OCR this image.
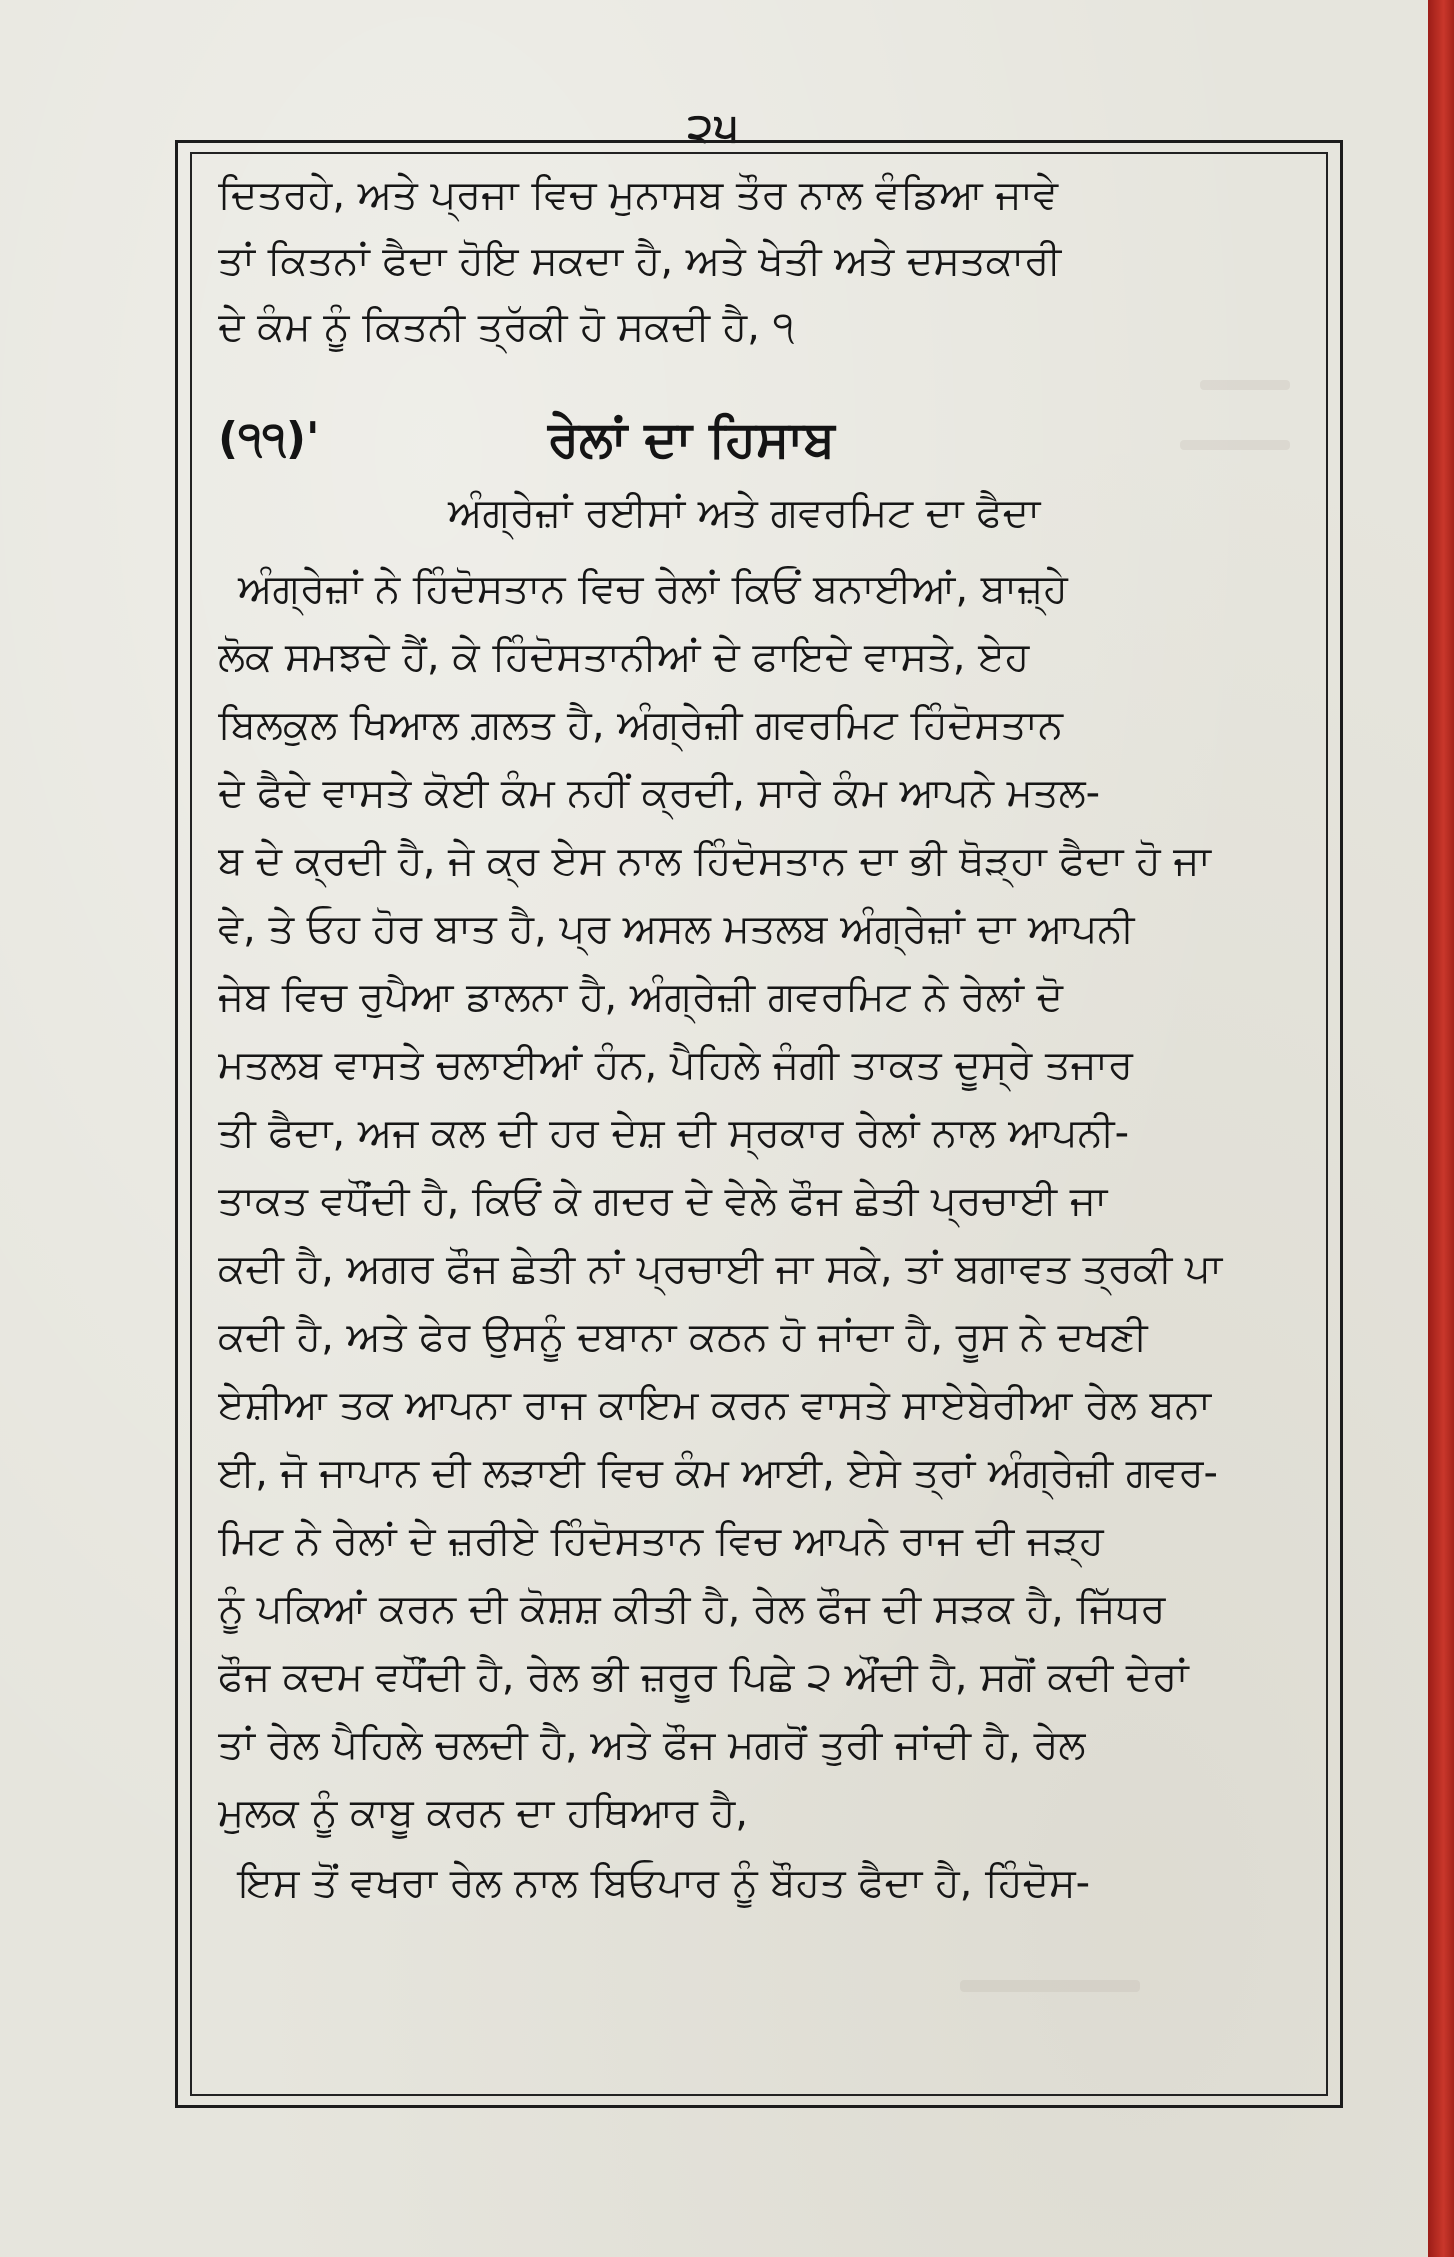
੨੫
ਦਿਤਰਹੇ, ਅਤੇ ਪ੍ਰਜਾ ਵਿਚ ਮੁਨਾਸਬ ਤੌਰ ਨਾਲ ਵੰਡਿਆ ਜਾਵੇ
ਤਾਂ ਕਿਤਨਾਂ ਫੈਦਾ ਹੋਇ ਸਕਦਾ ਹੈ, ਅਤੇ ਖੇਤੀ ਅਤੇ ਦਸਤਕਾਰੀ
ਦੇ ਕੰਮ ਨੂੰ ਕਿਤਨੀ ਤ੍ਰੱਕੀ ਹੋ ਸਕਦੀ ਹੈ, ੧
(੧੧)'	ਰੇਲਾਂ ਦਾ ਹਿਸਾਬ
ਅੰਗ੍ਰੇਜ਼ਾਂ ਰਈਸਾਂ ਅਤੇ ਗਵਰਮਿਟ ਦਾ ਫੈਦਾ
ਅੰਗ੍ਰੇਜ਼ਾਂ ਨੇ ਹਿੰਦੋਸਤਾਨ ਵਿਚ ਰੇਲਾਂ ਕਿਓਂ ਬਨਾਈਆਂ, ਬਾਜ਼੍ਹੇ
ਲੋਕ ਸਮਝਦੇ ਹੈਂ, ਕੇ ਹਿੰਦੋਸਤਾਨੀਆਂ ਦੇ ਫਾਇਦੇ ਵਾਸਤੇ, ਏਹ
ਬਿਲਕੁਲ ਖਿਆਲ ਗ਼ਲਤ ਹੈ, ਅੰਗ੍ਰੇਜ਼ੀ ਗਵਰਮਿਟ ਹਿੰਦੋਸਤਾਨ
ਦੇ ਫੈਦੇ ਵਾਸਤੇ ਕੋਈ ਕੰਮ ਨਹੀਂ ਕ੍ਰਦੀ, ਸਾਰੇ ਕੰਮ ਆਪਨੇ ਮਤਲ-
ਬ ਦੇ ਕ੍ਰਦੀ ਹੈ, ਜੇ ਕ੍ਰ ਏਸ ਨਾਲ ਹਿੰਦੋਸਤਾਨ ਦਾ ਭੀ ਥੋੜ੍ਹਾ ਫੈਦਾ ਹੋ ਜਾ
ਵੇ, ਤੇ ਓਹ ਹੋਰ ਬਾਤ ਹੈ, ਪ੍ਰ ਅਸਲ ਮਤਲਬ ਅੰਗ੍ਰੇਜ਼ਾਂ ਦਾ ਆਪਨੀ
ਜੇਬ ਵਿਚ ਰੁਪੈਆ ਡਾਲਨਾ ਹੈ, ਅੰਗ੍ਰੇਜ਼ੀ ਗਵਰਮਿਟ ਨੇ ਰੇਲਾਂ ਦੋ
ਮਤਲਬ ਵਾਸਤੇ ਚਲਾਈਆਂ ਹੰਨ, ਪੈਹਿਲੇ ਜੰਗੀ ਤਾਕਤ ਦੂਸ੍ਰੇ ਤਜਾਰ
ਤੀ ਫੈਦਾ, ਅਜ ਕਲ ਦੀ ਹਰ ਦੇਸ਼ ਦੀ ਸ੍ਰਕਾਰ ਰੇਲਾਂ ਨਾਲ ਆਪਨੀ-
ਤਾਕਤ ਵਧੌਂਦੀ ਹੈ, ਕਿਓਂ ਕੇ ਗਦਰ ਦੇ ਵੇਲੇ ਫੌਜ ਛੇਤੀ ਪ੍ਰਚਾਈ ਜਾ
ਕਦੀ ਹੈ, ਅਗਰ ਫੌਜ ਛੇਤੀ ਨਾਂ ਪ੍ਰਚਾਈ ਜਾ ਸਕੇ, ਤਾਂ ਬਗਾਵਤ ਤ੍ਰਕੀ ਪਾ
ਕਦੀ ਹੈ, ਅਤੇ ਫੇਰ ਉਸਨੂੰ ਦਬਾਨਾ ਕਠਨ ਹੋ ਜਾਂਦਾ ਹੈ, ਰੂਸ ਨੇ ਦਖਣੀ
ਏਸ਼ੀਆ ਤਕ ਆਪਨਾ ਰਾਜ ਕਾਇਮ ਕਰਨ ਵਾਸਤੇ ਸਾਏਬੇਰੀਆ ਰੇਲ ਬਨਾ
ਈ, ਜੋ ਜਾਪਾਨ ਦੀ ਲੜਾਈ ਵਿਚ ਕੰਮ ਆਈ, ਏਸੇ ਤ੍ਰਾਂ ਅੰਗ੍ਰੇਜ਼ੀ ਗਵਰ-
ਮਿਟ ਨੇ ਰੇਲਾਂ ਦੇ ਜ਼ਰੀਏ ਹਿੰਦੋਸਤਾਨ ਵਿਚ ਆਪਨੇ ਰਾਜ ਦੀ ਜੜ੍ਹ
ਨੂੰ ਪਕਿਆਂ ਕਰਨ ਦੀ ਕੋਸ਼ਸ਼ ਕੀਤੀ ਹੈ, ਰੇਲ ਫੌਜ ਦੀ ਸੜਕ ਹੈ, ਜਿੱਧਰ
ਫੌਜ ਕਦਮ ਵਧੌਂਦੀ ਹੈ, ਰੇਲ ਭੀ ਜ਼ਰੂਰ ਪਿਛੇ ੨ ਔਂਦੀ ਹੈ, ਸਗੋਂ ਕਦੀ ਦੇਰਾਂ
ਤਾਂ ਰੇਲ ਪੈਹਿਲੇ ਚਲਦੀ ਹੈ, ਅਤੇ ਫੌਜ ਮਗਰੋਂ ਤੁਰੀ ਜਾਂਦੀ ਹੈ, ਰੇਲ
ਮੁਲਕ ਨੂੰ ਕਾਬੂ ਕਰਨ ਦਾ ਹਥਿਆਰ ਹੈ,
ਇਸ ਤੋਂ ਵਖਰਾ ਰੇਲ ਨਾਲ ਬਿਓਪਾਰ ਨੂੰ ਬੌਹਤ ਫੈਦਾ ਹੈ, ਹਿੰਦੋਸ-
